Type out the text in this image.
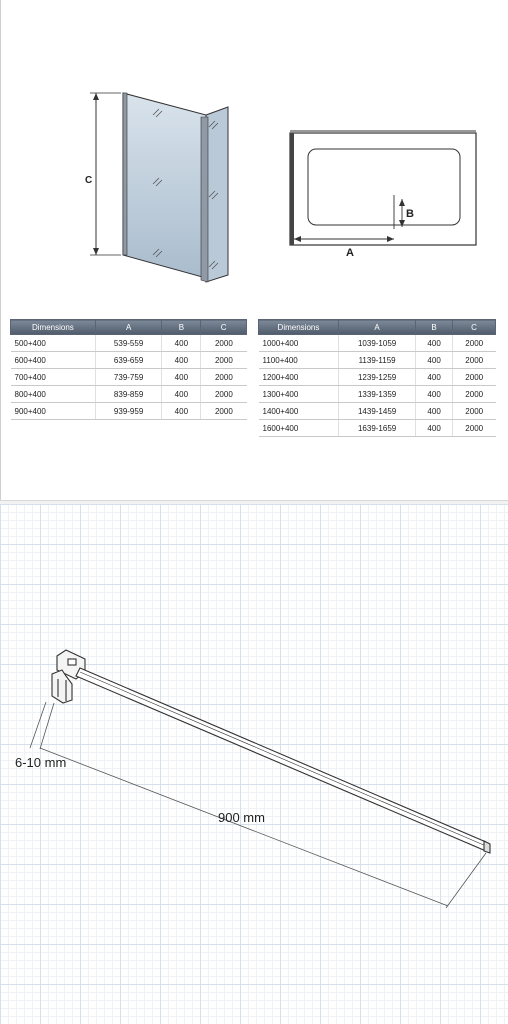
C
A
B
Dimensions	A	B	C
500+400	539-559	400	2000
600+400	639-659	400	2000
700+400	739-759	400	2000
800+400	839-859	400	2000
900+400	939-959	400	2000
Dimensions	A	B	C
1000+400	1039-1059	400	2000
1100+400	1139-1159	400	2000
1200+400	1239-1259	400	2000
1300+400	1339-1359	400	2000
1400+400	1439-1459	400	2000
1600+400	1639-1659	400	2000
6-10 mm
900 mm
